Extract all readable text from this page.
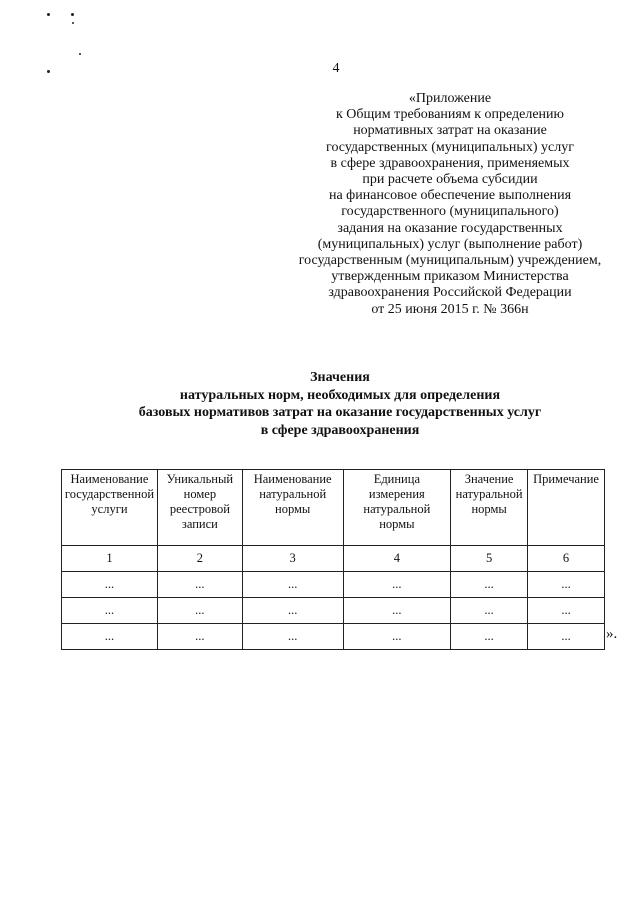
4
«Приложение
к Общим требованиям к определению
нормативных затрат на оказание
государственных (муниципальных) услуг
в сфере здравоохранения, применяемых
при расчете объема субсидии
на финансовое обеспечение выполнения
государственного (муниципального)
задания на оказание государственных
(муниципальных) услуг (выполнение работ)
государственным (муниципальным) учреждением,
утвержденным приказом Министерства
здравоохранения Российской Федерации
от 25 июня 2015 г. № 366н
Значения
натуральных норм, необходимых для определения
базовых нормативов затрат на оказание государственных услуг
в сфере здравоохранения
Наименование государственной услуги	Уникальный номер реестровой записи	Наименование натуральной нормы	Единица измерения натуральной нормы	Значение натуральной нормы	Примечание
1	2	3	4	5	6
...	...	...	...	...	...
...	...	...	...	...	...
...	...	...	...	...	... ».
